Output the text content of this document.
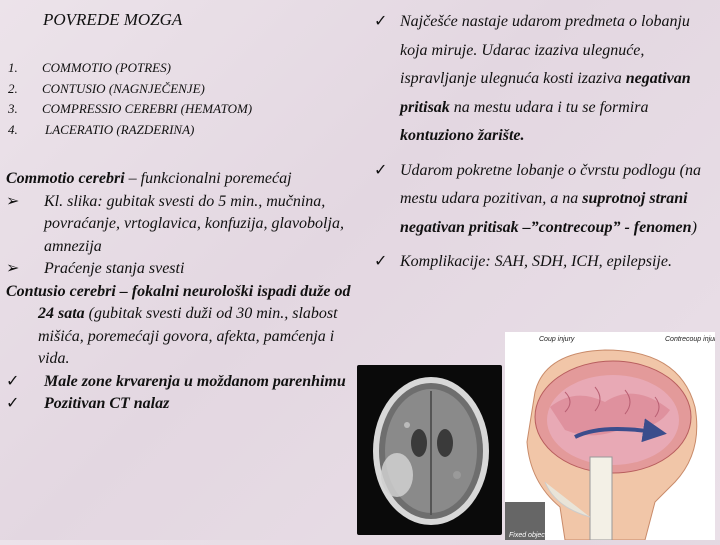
POVREDE MOZGA
1.	COMMOTIO (POTRES)
2.	CONTUSIO (NAGNJEČENJE)
3.	COMPRESSIO CEREBRI (HEMATOM)
4.	LACERATIO (RAZDERINA)

Commotio cerebri – funkcionalni poremećaj

➢	Kl. slika: gubitak svesti do 5 min., mučnina, povraćanje, vrtoglavica, konfuzija, glavobolja, amnezija
➢	Praćenje stanja svesti

Contusio cerebri – fokalni neurološki ispadi duže od 24 sata (gubitak svesti duži od 30 min., slabost mišića, poremećaji govora, afekta, pamćenja i vida.

✓	Male zone krvarenja u moždanom parenhimu
✓	Pozitivan CT nalaz
✓ Najčešće nastaje udarom predmeta o lobanju koja miruje. Udarac izaziva ulegnuće, ispravljanje ulegnuća kosti izaziva negativan pritisak na mestu udara i tu se formira kontuziono žarište.
✓ Udarom pokretne lobanje o čvrstu podlogu (na mestu udara pozitivan, a na suprotnoj strani negativan pritisak –”contrecoup” - fenomen)
✓ Komplikacije: SAH, SDH, ICH, epilepsije.
Coup injury	Contrecoup injury
Fixed object
